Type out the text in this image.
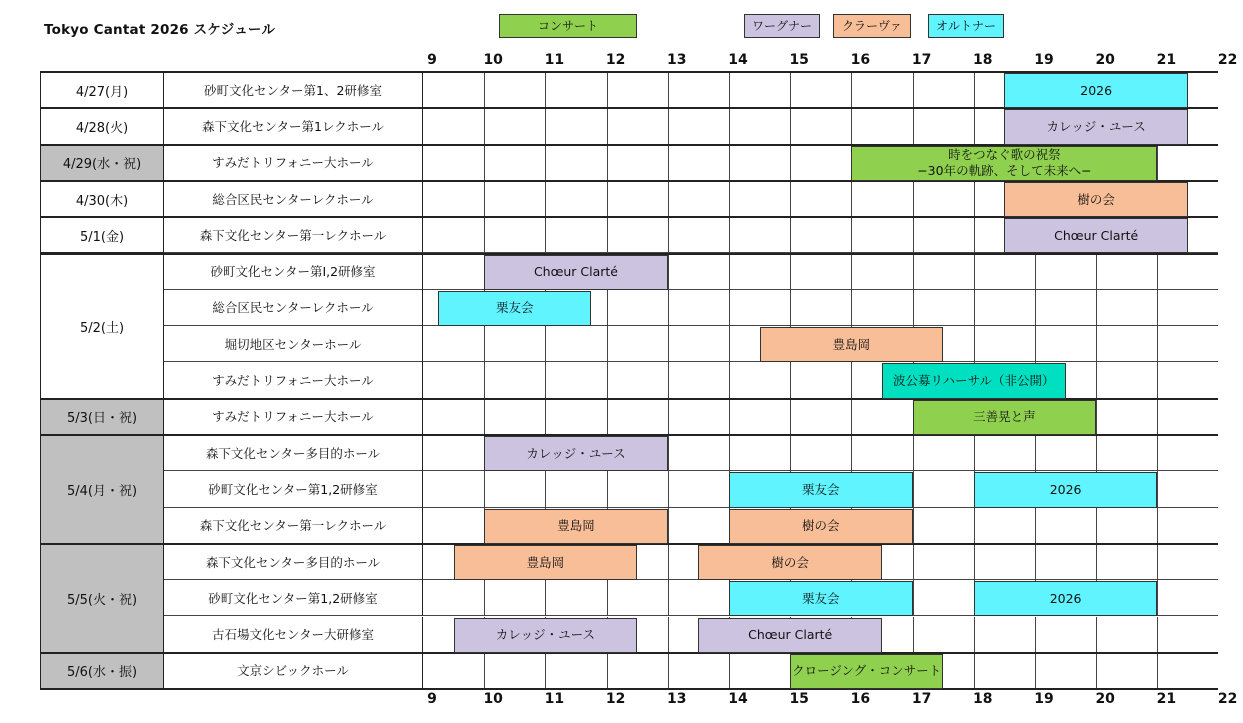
Tokyo Cantat 2026 スケジュール	コンサート	ワーグナー	クラーヴァ	オルトナー
9	10	11	12	13	14	15	16	17	18	19	20	21	22
9	10	11	12	13	14	15	16	17	18	19	20	21	22
4/27(月)	砂町文化センター第1、2研修室	2026
4/28(火)	森下文化センター第1レクホール	カレッジ・ユース
4/29(水・祝)	すみだトリフォニー大ホール
時をつなぐ歌の祝祭
−30年の軌跡、そして未来へ−
4/30(木)	総合区民センターレクホール	樹の会
5/1(金)	森下文化センター第一レクホール	Chœur Clarté
5/2(土)
砂町文化センター第Ⅰ,2研修室	Chœur Clarté
総合区民センターレクホール	栗友会
堀切地区センターホール	豊島岡
すみだトリフォニー大ホール	波公募リハーサル（非公開）
5/3(日・祝)	すみだトリフォニー大ホール	三善晃と声
5/4(月・祝)
森下文化センター多目的ホール	カレッジ・ユース
砂町文化センター第1,2研修室	栗友会	2026
森下文化センター第一レクホール	豊島岡	樹の会
5/5(火・祝)
森下文化センター多目的ホール	豊島岡	樹の会
砂町文化センター第1,2研修室	栗友会	2026
古石場文化センター大研修室	カレッジ・ユース	Chœur Clarté
5/6(水・振)	文京シビックホール	クロージング・コンサート
